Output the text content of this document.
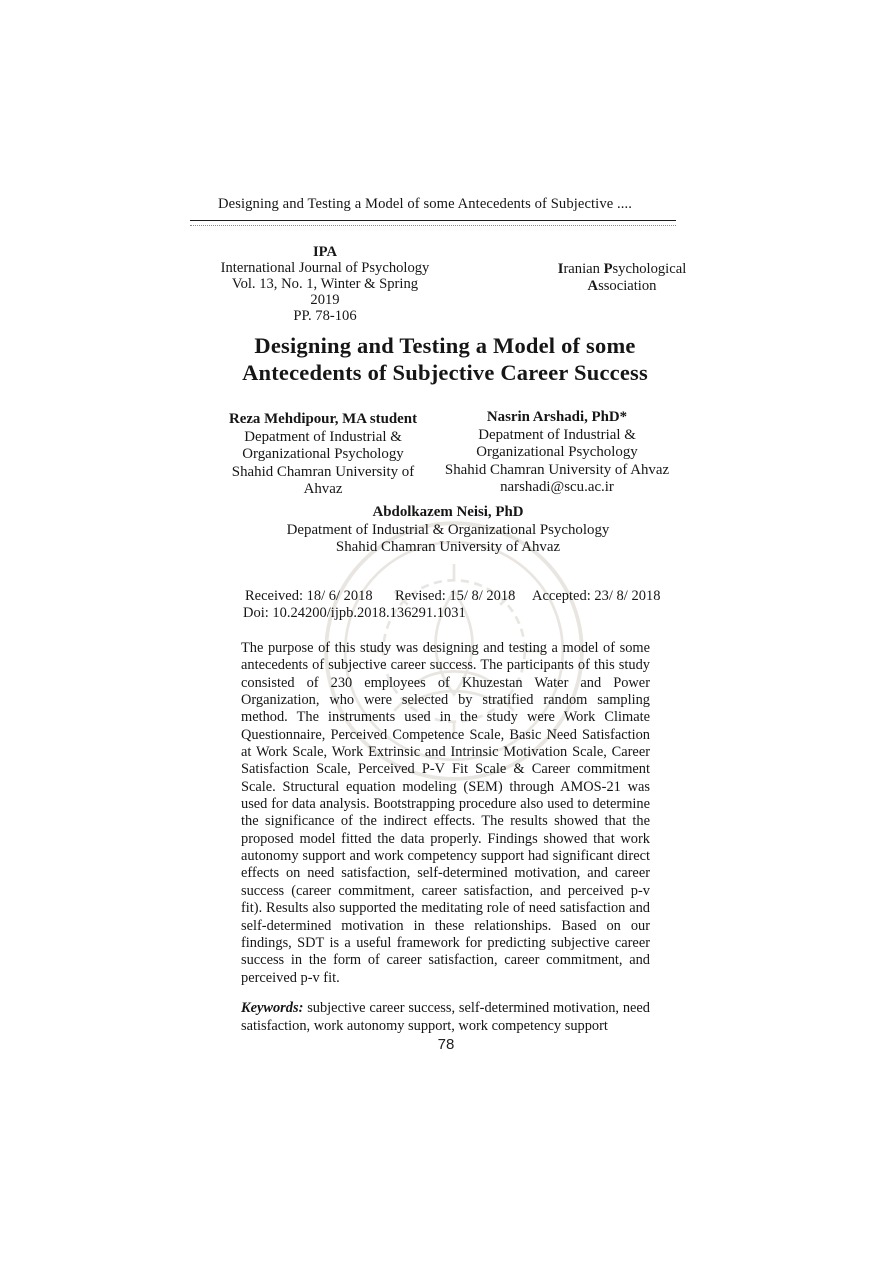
Designing and Testing a Model of some Antecedents of Subjective ....
IPA
International Journal of Psychology
Vol. 13, No. 1, Winter & Spring 2019
PP. 78-106
Iranian Psychological
Association
Designing and Testing a Model of some
Antecedents of Subjective Career Success
Reza Mehdipour, MA student
Depatment of Industrial &
Organizational Psychology
Shahid Chamran University of
Ahvaz
Nasrin Arshadi, PhD*
Depatment of Industrial &
Organizational Psychology
Shahid Chamran University of Ahvaz
narshadi@scu.ac.ir
Abdolkazem Neisi, PhD
Depatment of Industrial & Organizational Psychology
Shahid Chamran University of Ahvaz
Received: 18/ 6/ 2018 Revised: 15/ 8/ 2018 Accepted: 23/ 8/ 2018
Doi: 10.24200/ijpb.2018.136291.1031
The purpose of this study was designing and testing a model of some antecedents of subjective career success. The participants of this study consisted of 230 employees of Khuzestan Water and Power Organization, who were selected by stratified random sampling method. The instruments used in the study were Work Climate Questionnaire, Perceived Competence Scale, Basic Need Satisfaction at Work Scale, Work Extrinsic and Intrinsic Motivation Scale, Career Satisfaction Scale, Perceived P-V Fit Scale & Career commitment Scale. Structural equation modeling (SEM) through AMOS-21 was used for data analysis. Bootstrapping procedure also used to determine the significance of the indirect effects. The results showed that the proposed model fitted the data properly. Findings showed that work autonomy support and work competency support had significant direct effects on need satisfaction, self-determined motivation, and career success (career commitment, career satisfaction, and perceived p-v fit). Results also supported the meditating role of need satisfaction and self-determined motivation in these relationships. Based on our findings, SDT is a useful framework for predicting subjective career success in the form of career satisfaction, career commitment, and perceived p-v fit.
Keywords: subjective career success, self-determined motivation, need satisfaction, work autonomy support, work competency support
78
